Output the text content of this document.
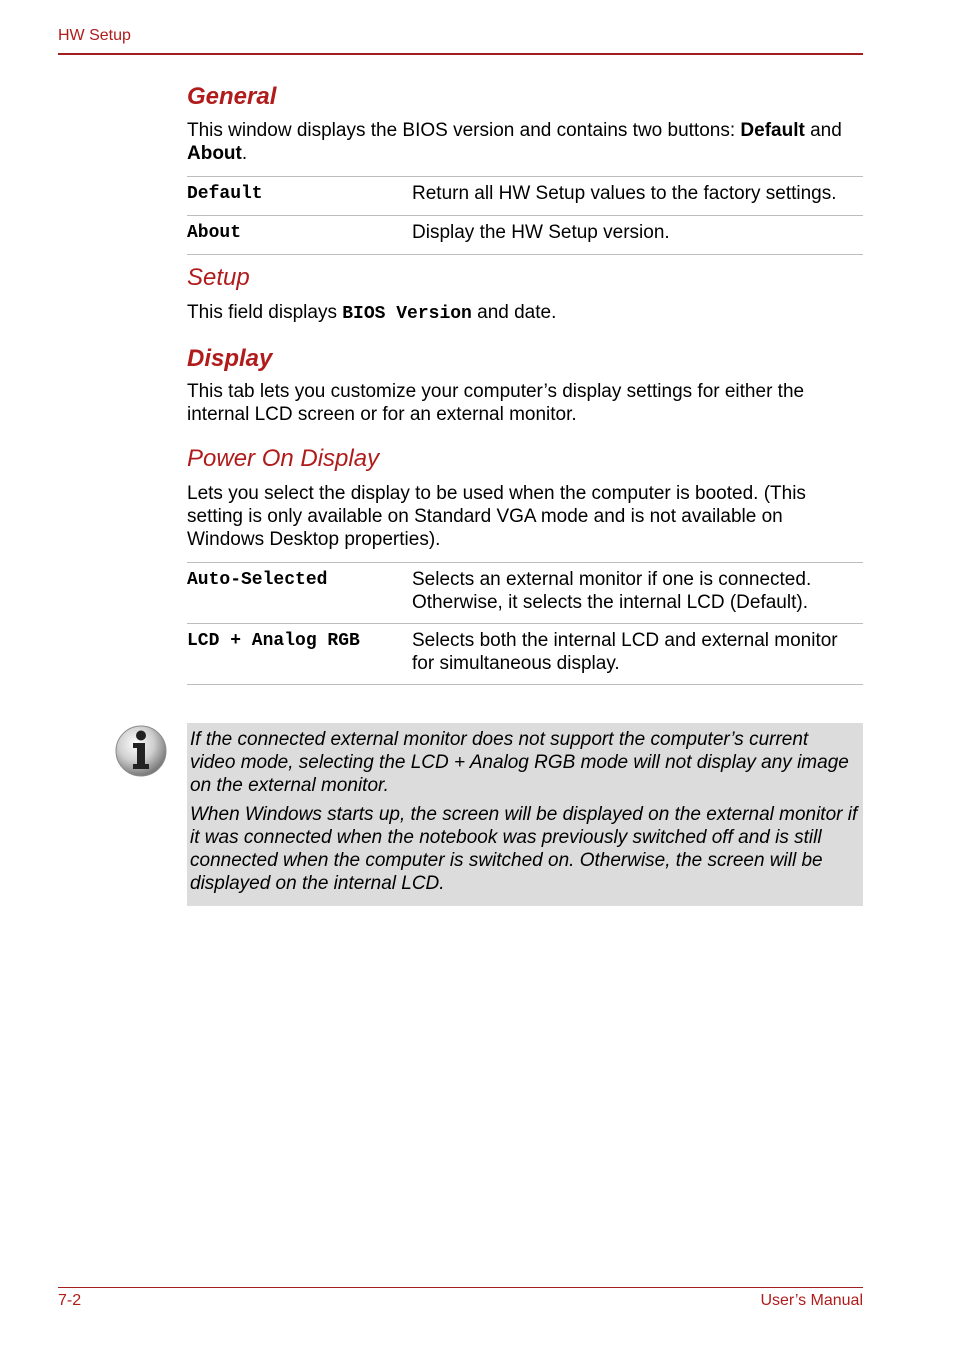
HW Setup
General

This window displays the BIOS version and contains two buttons: Default and About.

Default	Return all HW Setup values to the factory settings.
About	Display the HW Setup version.
Setup

This field displays BIOS Version and date.

Display

This tab lets you customize your computer’s display settings for either the internal LCD screen or for an external monitor.

Power On Display

Lets you select the display to be used when the computer is booted. (This setting is only available on Standard VGA mode and is not available on Windows Desktop properties).

Auto-Selected	Selects an external monitor if one is connected. Otherwise, it selects the internal LCD (Default).
LCD + Analog RGB	Selects both the internal LCD and external monitor for simultaneous display.

If the connected external monitor does not support the computer’s current video mode, selecting the LCD + Analog RGB mode will not display any image on the external monitor.

When Windows starts up, the screen will be displayed on the external monitor if it was connected when the notebook was previously switched off and is still connected when the computer is switched on. Otherwise, the screen will be displayed on the internal LCD.

7-2	User’s Manual
